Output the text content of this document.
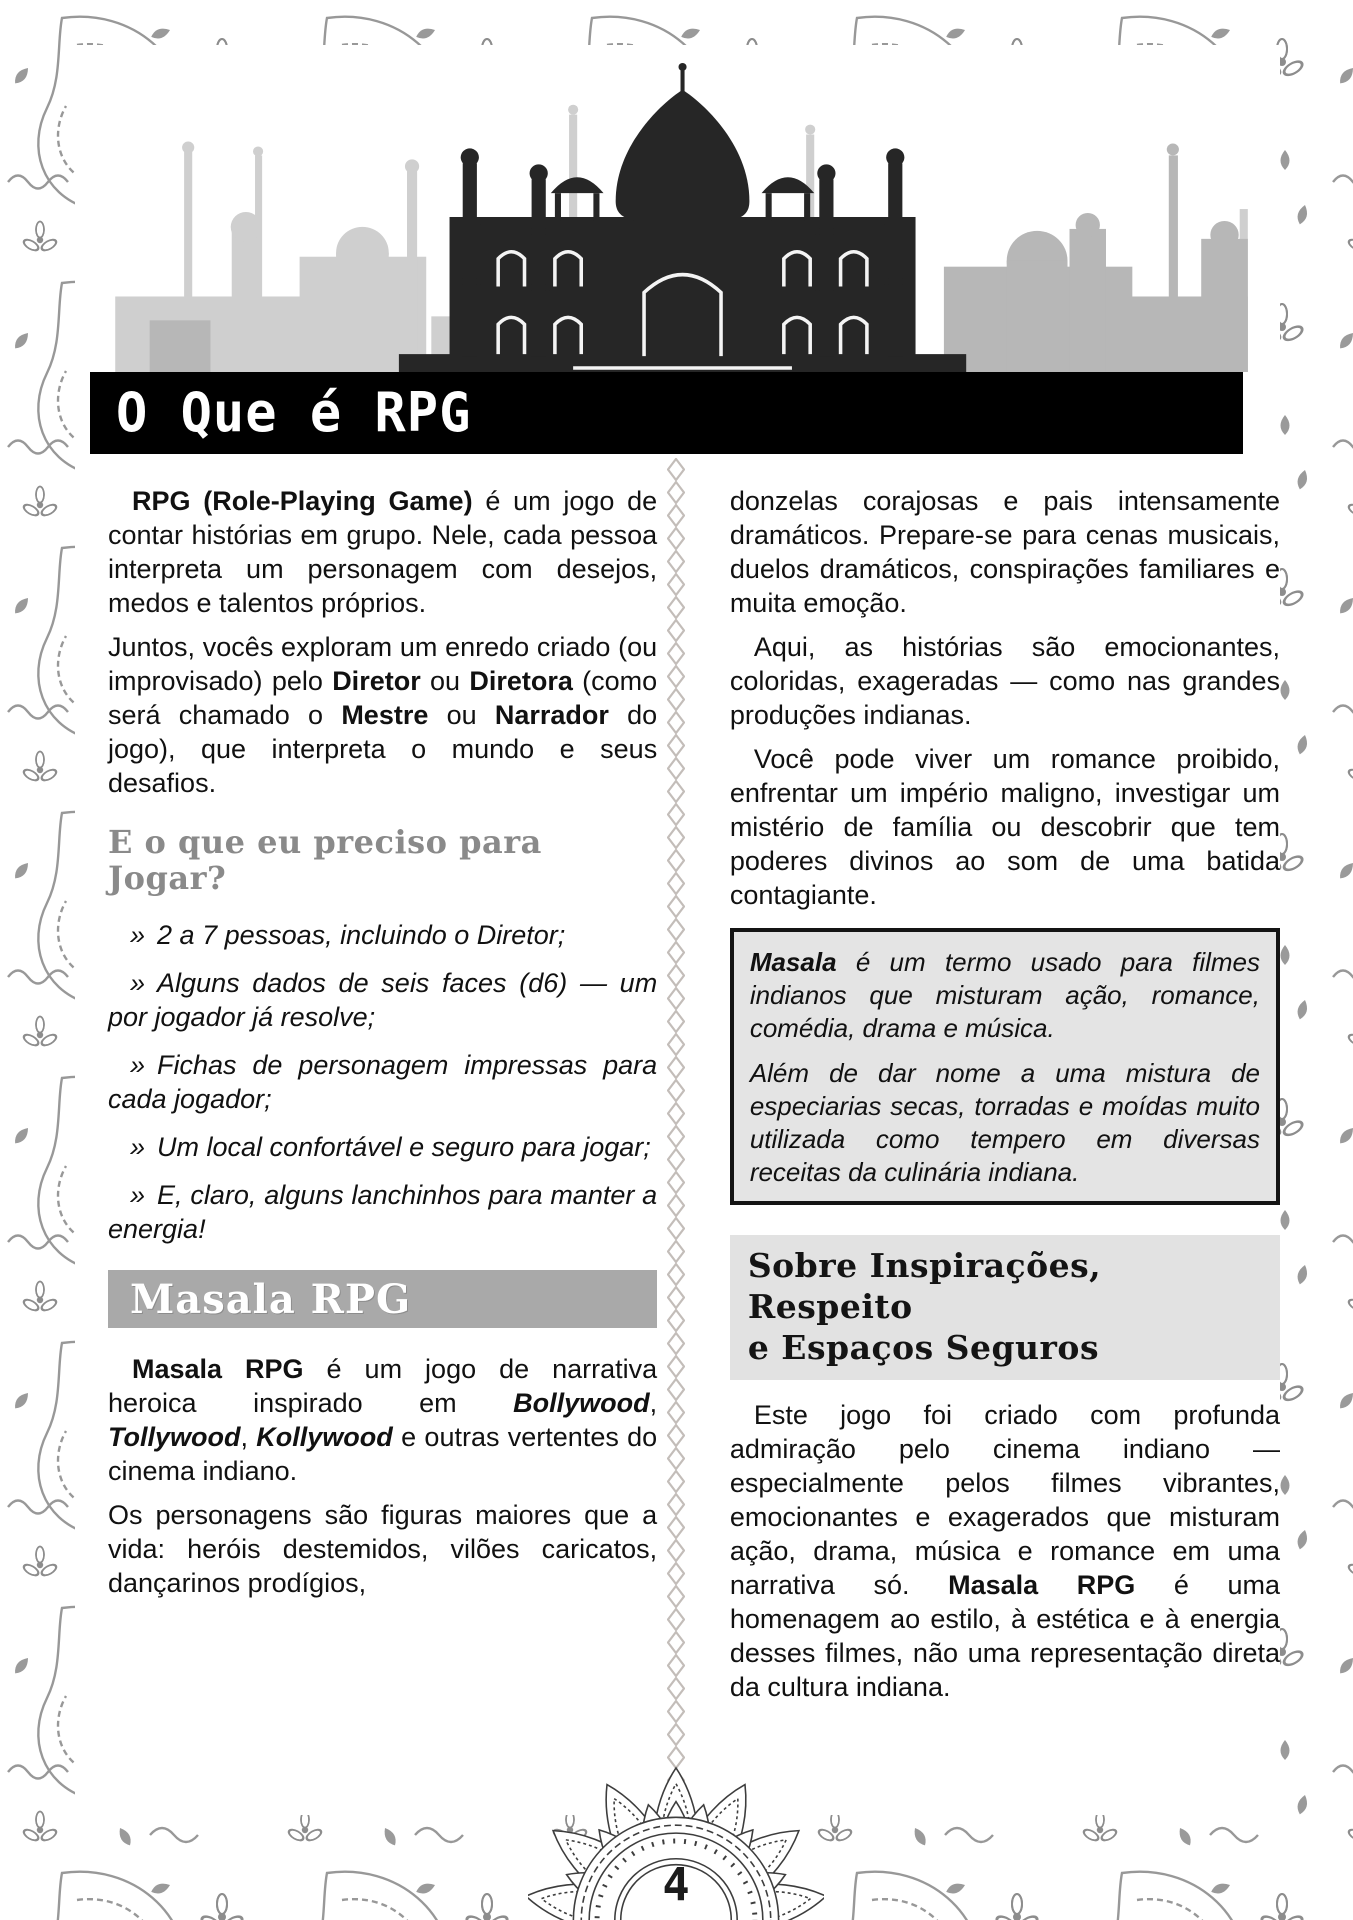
O Que é RPG

RPG (Role-Playing Game) é um jogo de contar histórias em grupo. Nele, cada pessoa interpreta um personagem com desejos, medos e talentos próprios.

Juntos, vocês exploram um enredo criado (ou improvisado) pelo Diretor ou Diretora (como será chamado o Mestre ou Narrador do jogo), que interpreta o mundo e seus desafios.

E o que eu preciso para Jogar?

» 2 a 7 pessoas, incluindo o Diretor;

» Alguns dados de seis faces (d6) — um por jogador já resolve;

» Fichas de personagem impressas para cada jogador;

» Um local confortável e seguro para jogar;

» E, claro, alguns lanchinhos para manter a energia!

Masala RPG

Masala RPG é um jogo de narrativa heroica inspirado em Bollywood, Tollywood, Kollywood e outras vertentes do cinema indiano.

Os personagens são figuras maiores que a vida: heróis destemidos, vilões caricatos, dançarinos prodígios,

donzelas corajosas e pais intensamente dramáticos. Prepare-se para cenas musicais, duelos dramáticos, conspirações familiares e muita emoção.

Aqui, as histórias são emocionantes, coloridas, exageradas — como nas grandes produções indianas.

Você pode viver um romance proibido, enfrentar um império maligno, investigar um mistério de família ou descobrir que tem poderes divinos ao som de uma batida contagiante.

Masala é um termo usado para filmes indianos que misturam ação, romance, comédia, drama e música.

Além de dar nome a uma mistura de especiarias secas, torradas e moídas muito utilizada como tempero em diversas receitas da culinária indiana.

Sobre Inspirações, Respeito
e Espaços Seguros

Este jogo foi criado com profunda admiração pelo cinema indiano — especialmente pelos filmes vibrantes, emocionantes e exagerados que misturam ação, drama, música e romance em uma narrativa só. Masala RPG é uma homenagem ao estilo, à estética e à energia desses filmes, não uma representação direta da cultura indiana.

4
